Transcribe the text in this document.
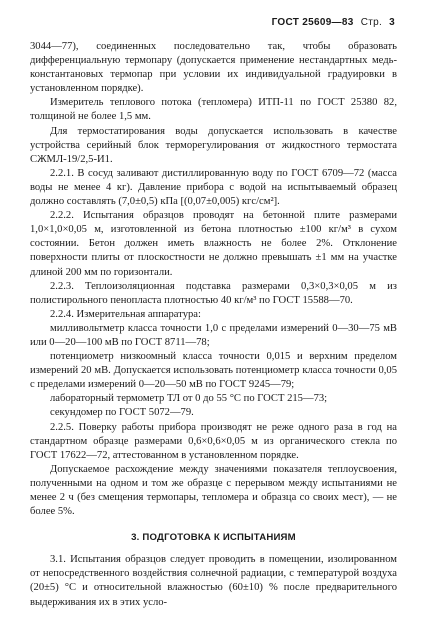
ГОСТ 25609—83 Стр. 3

3044—77), соединенных последовательно так, чтобы образовать дифференциальную термопару (допускается применение нестандартных медь-константановых термопар при условии их индивидуальной градуировки в установленном порядке).

Измеритель теплового потока (тепломера) ИТП-11 по ГОСТ 25380 82, толщиной не более 1,5 мм.

Для термостатирования воды допускается использовать в качестве устройства серийный блок терморегулирования от жидкостного термостата СЖМЛ-19/2,5-И1.

2.2.1. В сосуд заливают дистиллированную воду по ГОСТ 6709—72 (масса воды не менее 4 кг). Давление прибора с водой на испытываемый образец должно составлять (7,0±0,5) кПа [(0,07±0,005) кгс/см²].

2.2.2. Испытания образцов проводят на бетонной плите размерами 1,0×1,0×0,05 м, изготовленной из бетона плотностью ±100 кг/м³ в сухом состоянии. Бетон должен иметь влажность не более 2%. Отклонение поверхности плиты от плоскостности не должно превышать ±1 мм на участке длиной 200 мм по горизонтали.

2.2.3. Теплоизоляционная подставка размерами 0,3×0,3×0,05 м из полистирольного пенопласта плотностью 40 кг/м³ по ГОСТ 15588—70.

2.2.4. Измерительная аппаратура:

милливольтметр класса точности 1,0 с пределами измерений 0—30—75 мВ или 0—20—100 мВ по ГОСТ 8711—78;

потенциометр низкоомный класса точности 0,015 и верхним пределом измерений 20 мВ. Допускается использовать потенциометр класса точности 0,05 с пределами измерений 0—20—50 мВ по ГОСТ 9245—79;

лабораторный термометр ТЛ от 0 до 55 °С по ГОСТ 215—73;

секундомер по ГОСТ 5072—79.

2.2.5. Поверку работы прибора производят не реже одного раза в год на стандартном образце размерами 0,6×0,6×0,05 м из органического стекла по ГОСТ 17622—72, аттестованном в установленном порядке.

Допускаемое расхождение между значениями показателя теплоусвоения, полученными на одном и том же образце с перерывом между испытаниями не менее 2 ч (без смещения термопары, тепломера и образца со своих мест), — не более 5%.

3. ПОДГОТОВКА К ИСПЫТАНИЯМ

3.1. Испытания образцов следует проводить в помещении, изолированном от непосредственного воздействия солнечной радиации, с температурой воздуха (20±5) °С и относительной влажностью (60±10) % после предварительного выдерживания их в этих усло-
